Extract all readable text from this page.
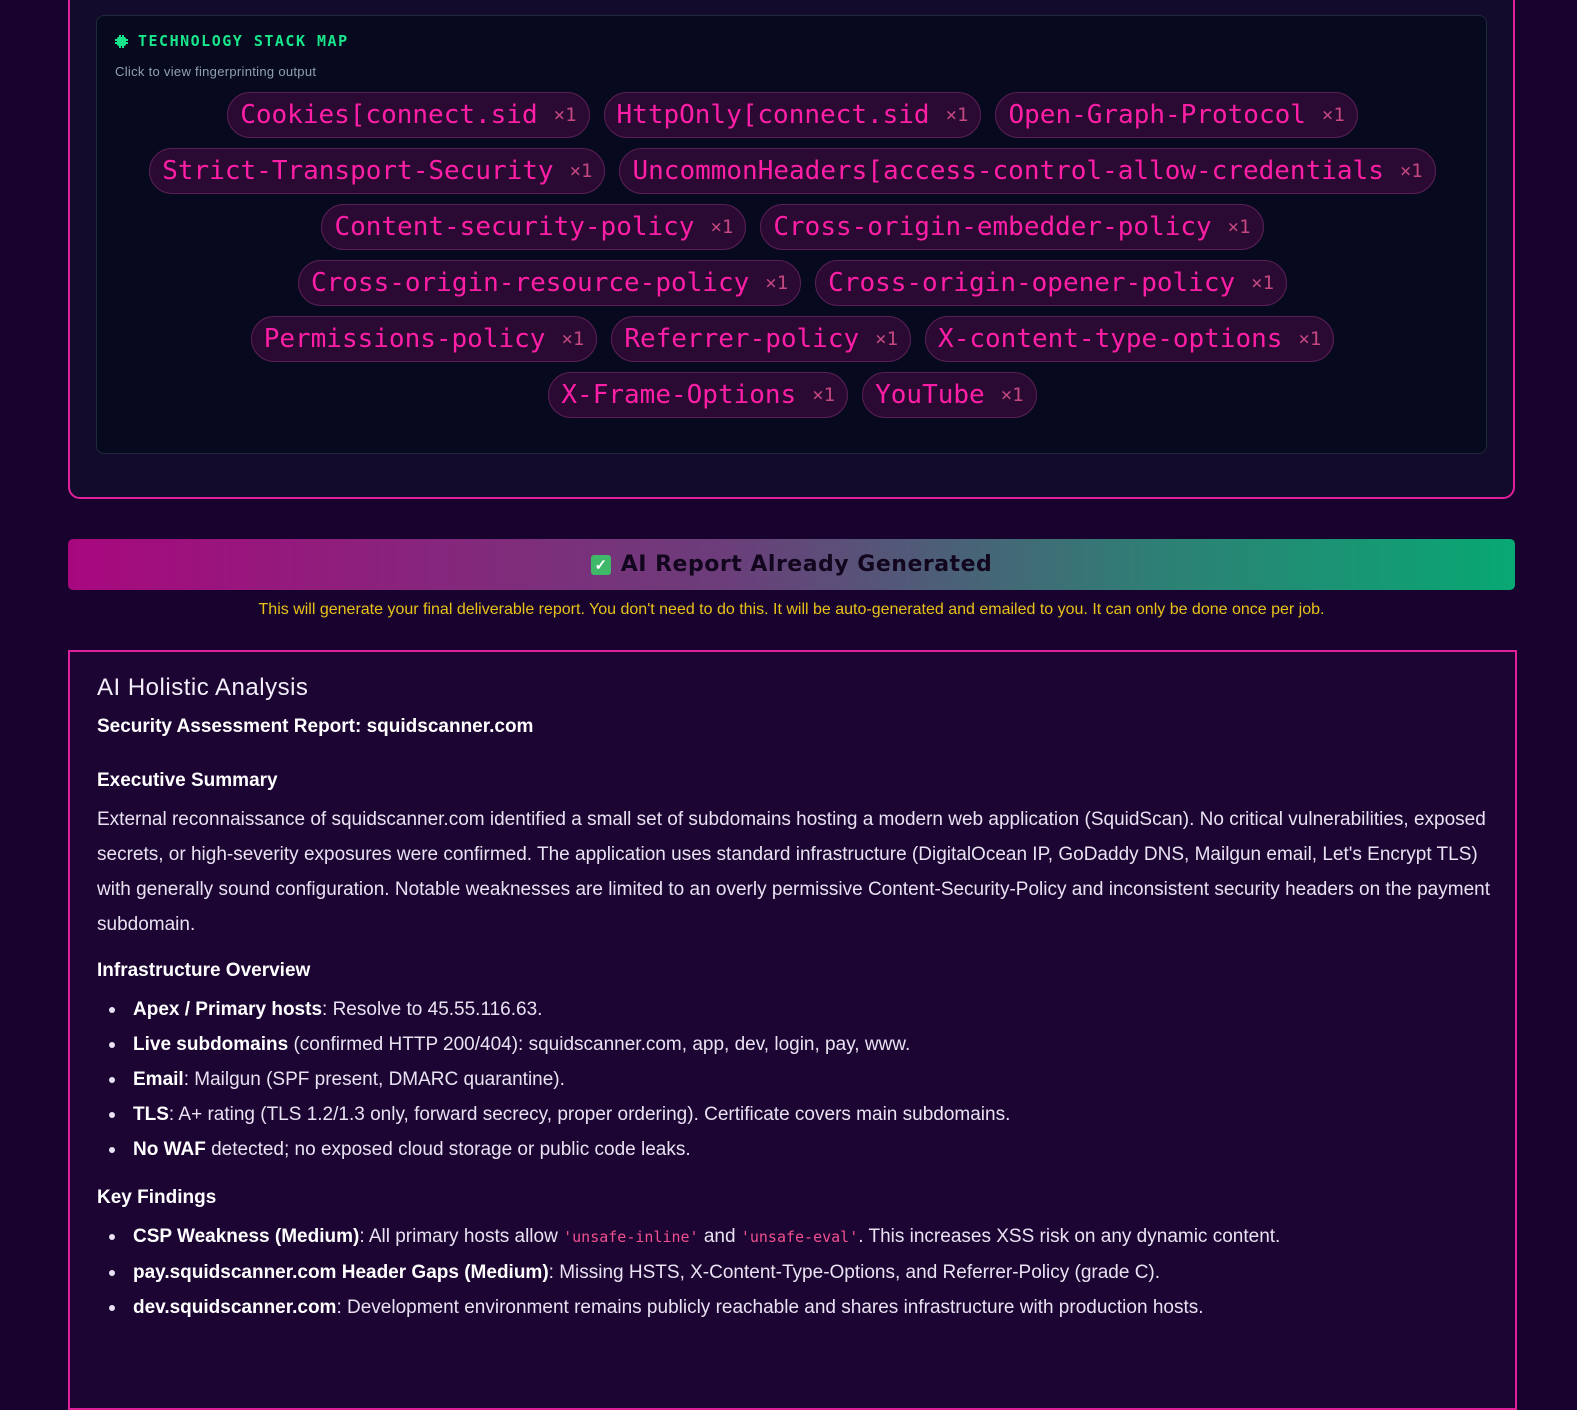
TECHNOLOGY STACK MAP
Click to view fingerprinting output
Cookies[connect.sid ×1 HttpOnly[connect.sid ×1 Open-Graph-Protocol ×1
Strict-Transport-Security ×1 UncommonHeaders[access-control-allow-credentials ×1
Content-security-policy ×1 Cross-origin-embedder-policy ×1
Cross-origin-resource-policy ×1 Cross-origin-opener-policy ×1
Permissions-policy ×1 Referrer-policy ×1 X-content-type-options ×1
X-Frame-Options ×1 YouTube ×1
✓ AI Report Already Generated
This will generate your final deliverable report. You don't need to do this. It will be auto-generated and emailed to you. It can only be done once per job.
AI Holistic Analysis
Security Assessment Report: squidscanner.com
Executive Summary

External reconnaissance of squidscanner.com identified a small set of subdomains hosting a modern web application (SquidScan). No critical vulnerabilities, exposed secrets, or high-severity exposures were confirmed. The application uses standard infrastructure (DigitalOcean IP, GoDaddy DNS, Mailgun email, Let's Encrypt TLS) with generally sound configuration. Notable weaknesses are limited to an overly permissive Content-Security-Policy and inconsistent security headers on the payment subdomain.

Infrastructure Overview
Apex / Primary hosts: Resolve to 45.55.116.63.
Live subdomains (confirmed HTTP 200/404): squidscanner.com, app, dev, login, pay, www.
Email: Mailgun (SPF present, DMARC quarantine).
TLS: A+ rating (TLS 1.2/1.3 only, forward secrecy, proper ordering). Certificate covers main subdomains.
No WAF detected; no exposed cloud storage or public code leaks.
Key Findings
CSP Weakness (Medium): All primary hosts allow 'unsafe-inline' and 'unsafe-eval'. This increases XSS risk on any dynamic content.
pay.squidscanner.com Header Gaps (Medium): Missing HSTS, X-Content-Type-Options, and Referrer-Policy (grade C).
dev.squidscanner.com: Development environment remains publicly reachable and shares infrastructure with production hosts.
